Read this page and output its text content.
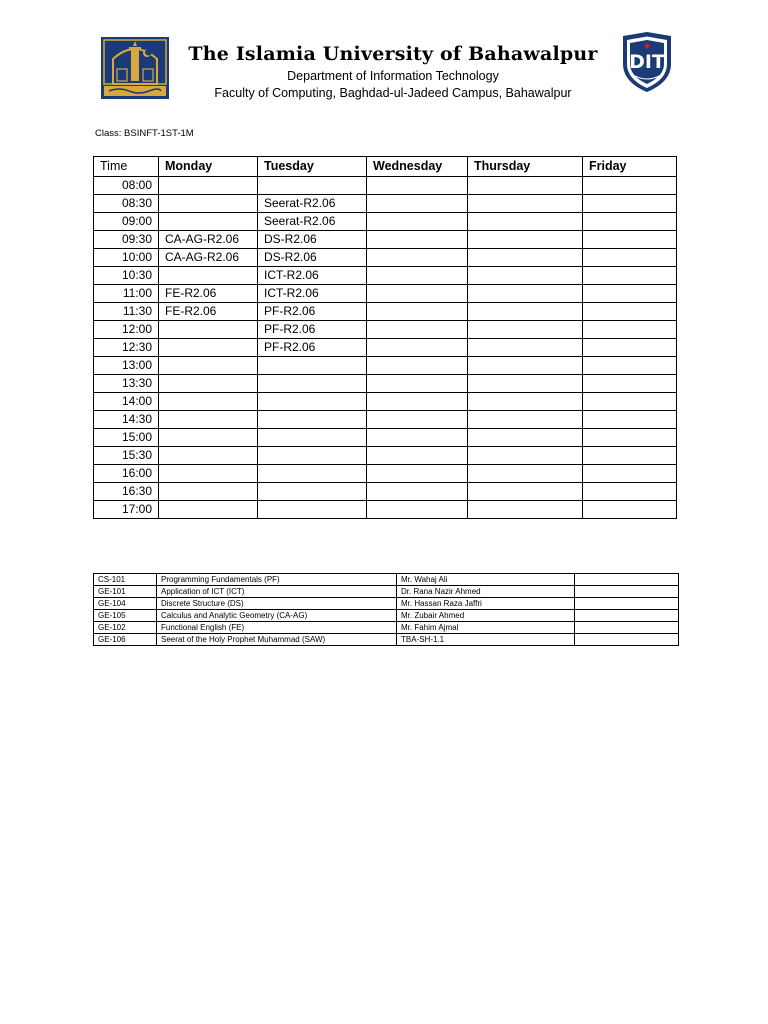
The Islamia University of Bahawalpur
Department of Information Technology
Faculty of Computing, Baghdad-ul-Jadeed Campus, Bahawalpur
DIT
Class: BSINFT-1ST-1M
Time	Monday	Tuesday	Wednesday	Thursday	Friday
08:00					
08:30		Seerat-R2.06			
09:00		Seerat-R2.06			
09:30	CA-AG-R2.06	DS-R2.06			
10:00	CA-AG-R2.06	DS-R2.06			
10:30		ICT-R2.06			
11:00	FE-R2.06	ICT-R2.06			
11:30	FE-R2.06	PF-R2.06			
12:00		PF-R2.06			
12:30		PF-R2.06			
13:00					
13:30					
14:00					
14:30					
15:00					
15:30					
16:00					
16:30					
17:00					
CS-101	Programming Fundamentals (PF)	Mr. Wahaj Ali	
GE-101	Application of ICT (ICT)	Dr. Rana Nazir Ahmed	
GE-104	Discrete Structure (DS)	Mr. Hassan Raza Jaffri	
GE-105	Calculus and Analytic Geometry (CA-AG)	Mr. Zubair Ahmed	
GE-102	Functional English (FE)	Mr. Fahim Ajmal	
GE-106	Seerat of the Holy Prophet Muhammad (SAW)	TBA-SH-1.1	
